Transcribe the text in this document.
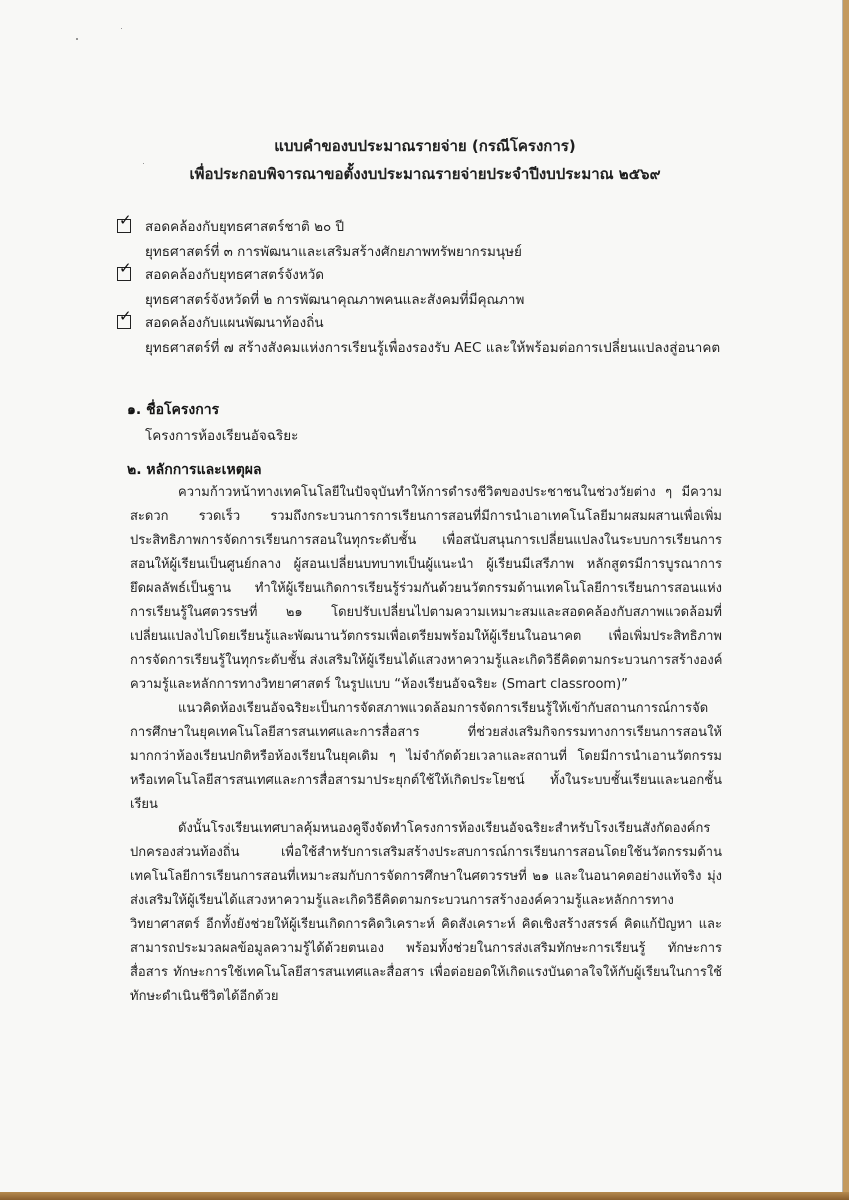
แบบคำของบประมาณรายจ่าย (กรณีโครงการ)
เพื่อประกอบพิจารณาขอตั้งงบประมาณรายจ่ายประจำปีงบประมาณ ๒๕๖๙
✓ สอดคล้องกับยุทธศาสตร์ชาติ ๒๐ ปี
ยุทธศาสตร์ที่ ๓ การพัฒนาและเสริมสร้างศักยภาพทรัพยากรมนุษย์
✓ สอดคล้องกับยุทธศาสตร์จังหวัด
ยุทธศาสตร์จังหวัดที่ ๒ การพัฒนาคุณภาพคนและสังคมที่มีคุณภาพ
✓ สอดคล้องกับแผนพัฒนาท้องถิ่น
ยุทธศาสตร์ที่ ๗ สร้างสังคมแห่งการเรียนรู้เพื่องรองรับ AEC และให้พร้อมต่อการเปลี่ยนแปลงสู่อนาคต
๑. ชื่อโครงการ
โครงการห้องเรียนอัจฉริยะ
๒. หลักการและเหตุผล
ความก้าวหน้าทางเทคโนโลยีในปัจจุบันทำให้การดำรงชีวิตของประชาชนในช่วงวัยต่าง ๆ มีความ
สะดวก รวดเร็ว รวมถึงกระบวนการการเรียนการสอนที่มีการนำเอาเทคโนโลยีมาผสมผสานเพื่อเพิ่ม
ประสิทธิภาพการจัดการเรียนการสอนในทุกระดับชั้น เพื่อสนับสนุนการเปลี่ยนแปลงในระบบการเรียนการ
สอนให้ผู้เรียนเป็นศูนย์กลาง ผู้สอนเปลี่ยนบทบาทเป็นผู้แนะนำ ผู้เรียนมีเสรีภาพ หลักสูตรมีการบูรณาการ
ยึดผลลัพธ์เป็นฐาน ทำให้ผู้เรียนเกิดการเรียนรู้ร่วมกันด้วยนวัตกรรมด้านเทคโนโลยีการเรียนการสอนแห่ง
การเรียนรู้ในศตวรรษที่ ๒๑ โดยปรับเปลี่ยนไปตามความเหมาะสมและสอดคล้องกับสภาพแวดล้อมที่
เปลี่ยนแปลงไปโดยเรียนรู้และพัฒนานวัตกรรมเพื่อเตรียมพร้อมให้ผู้เรียนในอนาคต เพื่อเพิ่มประสิทธิภาพ
การจัดการเรียนรู้ในทุกระดับชั้น ส่งเสริมให้ผู้เรียนได้แสวงหาความรู้และเกิดวิธีคิดตามกระบวนการสร้างองค์
ความรู้และหลักการทางวิทยาศาสตร์ ในรูปแบบ “ห้องเรียนอัจฉริยะ (Smart classroom)”
แนวคิดห้องเรียนอัจฉริยะเป็นการจัดสภาพแวดล้อมการจัดการเรียนรู้ให้เข้ากับสถานการณ์การจัด
การศึกษาในยุคเทคโนโลยีสารสนเทศและการสื่อสาร ที่ช่วยส่งเสริมกิจกรรมทางการเรียนการสอนให้
มากกว่าห้องเรียนปกติหรือห้องเรียนในยุคเดิม ๆ ไม่จำกัดด้วยเวลาและสถานที่ โดยมีการนำเอานวัตกรรม
หรือเทคโนโลยีสารสนเทศและการสื่อสารมาประยุกต์ใช้ให้เกิดประโยชน์ ทั้งในระบบชั้นเรียนและนอกชั้น
เรียน
ดังนั้นโรงเรียนเทศบาลคุ้มหนองคูจึงจัดทำโครงการห้องเรียนอัจฉริยะสำหรับโรงเรียนสังกัดองค์กร
ปกครองส่วนท้องถิ่น เพื่อใช้สำหรับการเสริมสร้างประสบการณ์การเรียนการสอนโดยใช้นวัตกรรมด้าน
เทคโนโลยีการเรียนการสอนที่เหมาะสมกับการจัดการศึกษาในศตวรรษที่ ๒๑ และในอนาคตอย่างแท้จริง มุ่ง
ส่งเสริมให้ผู้เรียนได้แสวงหาความรู้และเกิดวิธีคิดตามกระบวนการสร้างองค์ความรู้และหลักการทาง
วิทยาศาสตร์ อีกทั้งยังช่วยให้ผู้เรียนเกิดการคิดวิเคราะห์ คิดสังเคราะห์ คิดเชิงสร้างสรรค์ คิดแก้ปัญหา และ
สามารถประมวลผลข้อมูลความรู้ได้ด้วยตนเอง พร้อมทั้งช่วยในการส่งเสริมทักษะการเรียนรู้ ทักษะการ
สื่อสาร ทักษะการใช้เทคโนโลยีสารสนเทศและสื่อสาร เพื่อต่อยอดให้เกิดแรงบันดาลใจให้กับผู้เรียนในการใช้
ทักษะดำเนินชีวิตได้อีกด้วย
